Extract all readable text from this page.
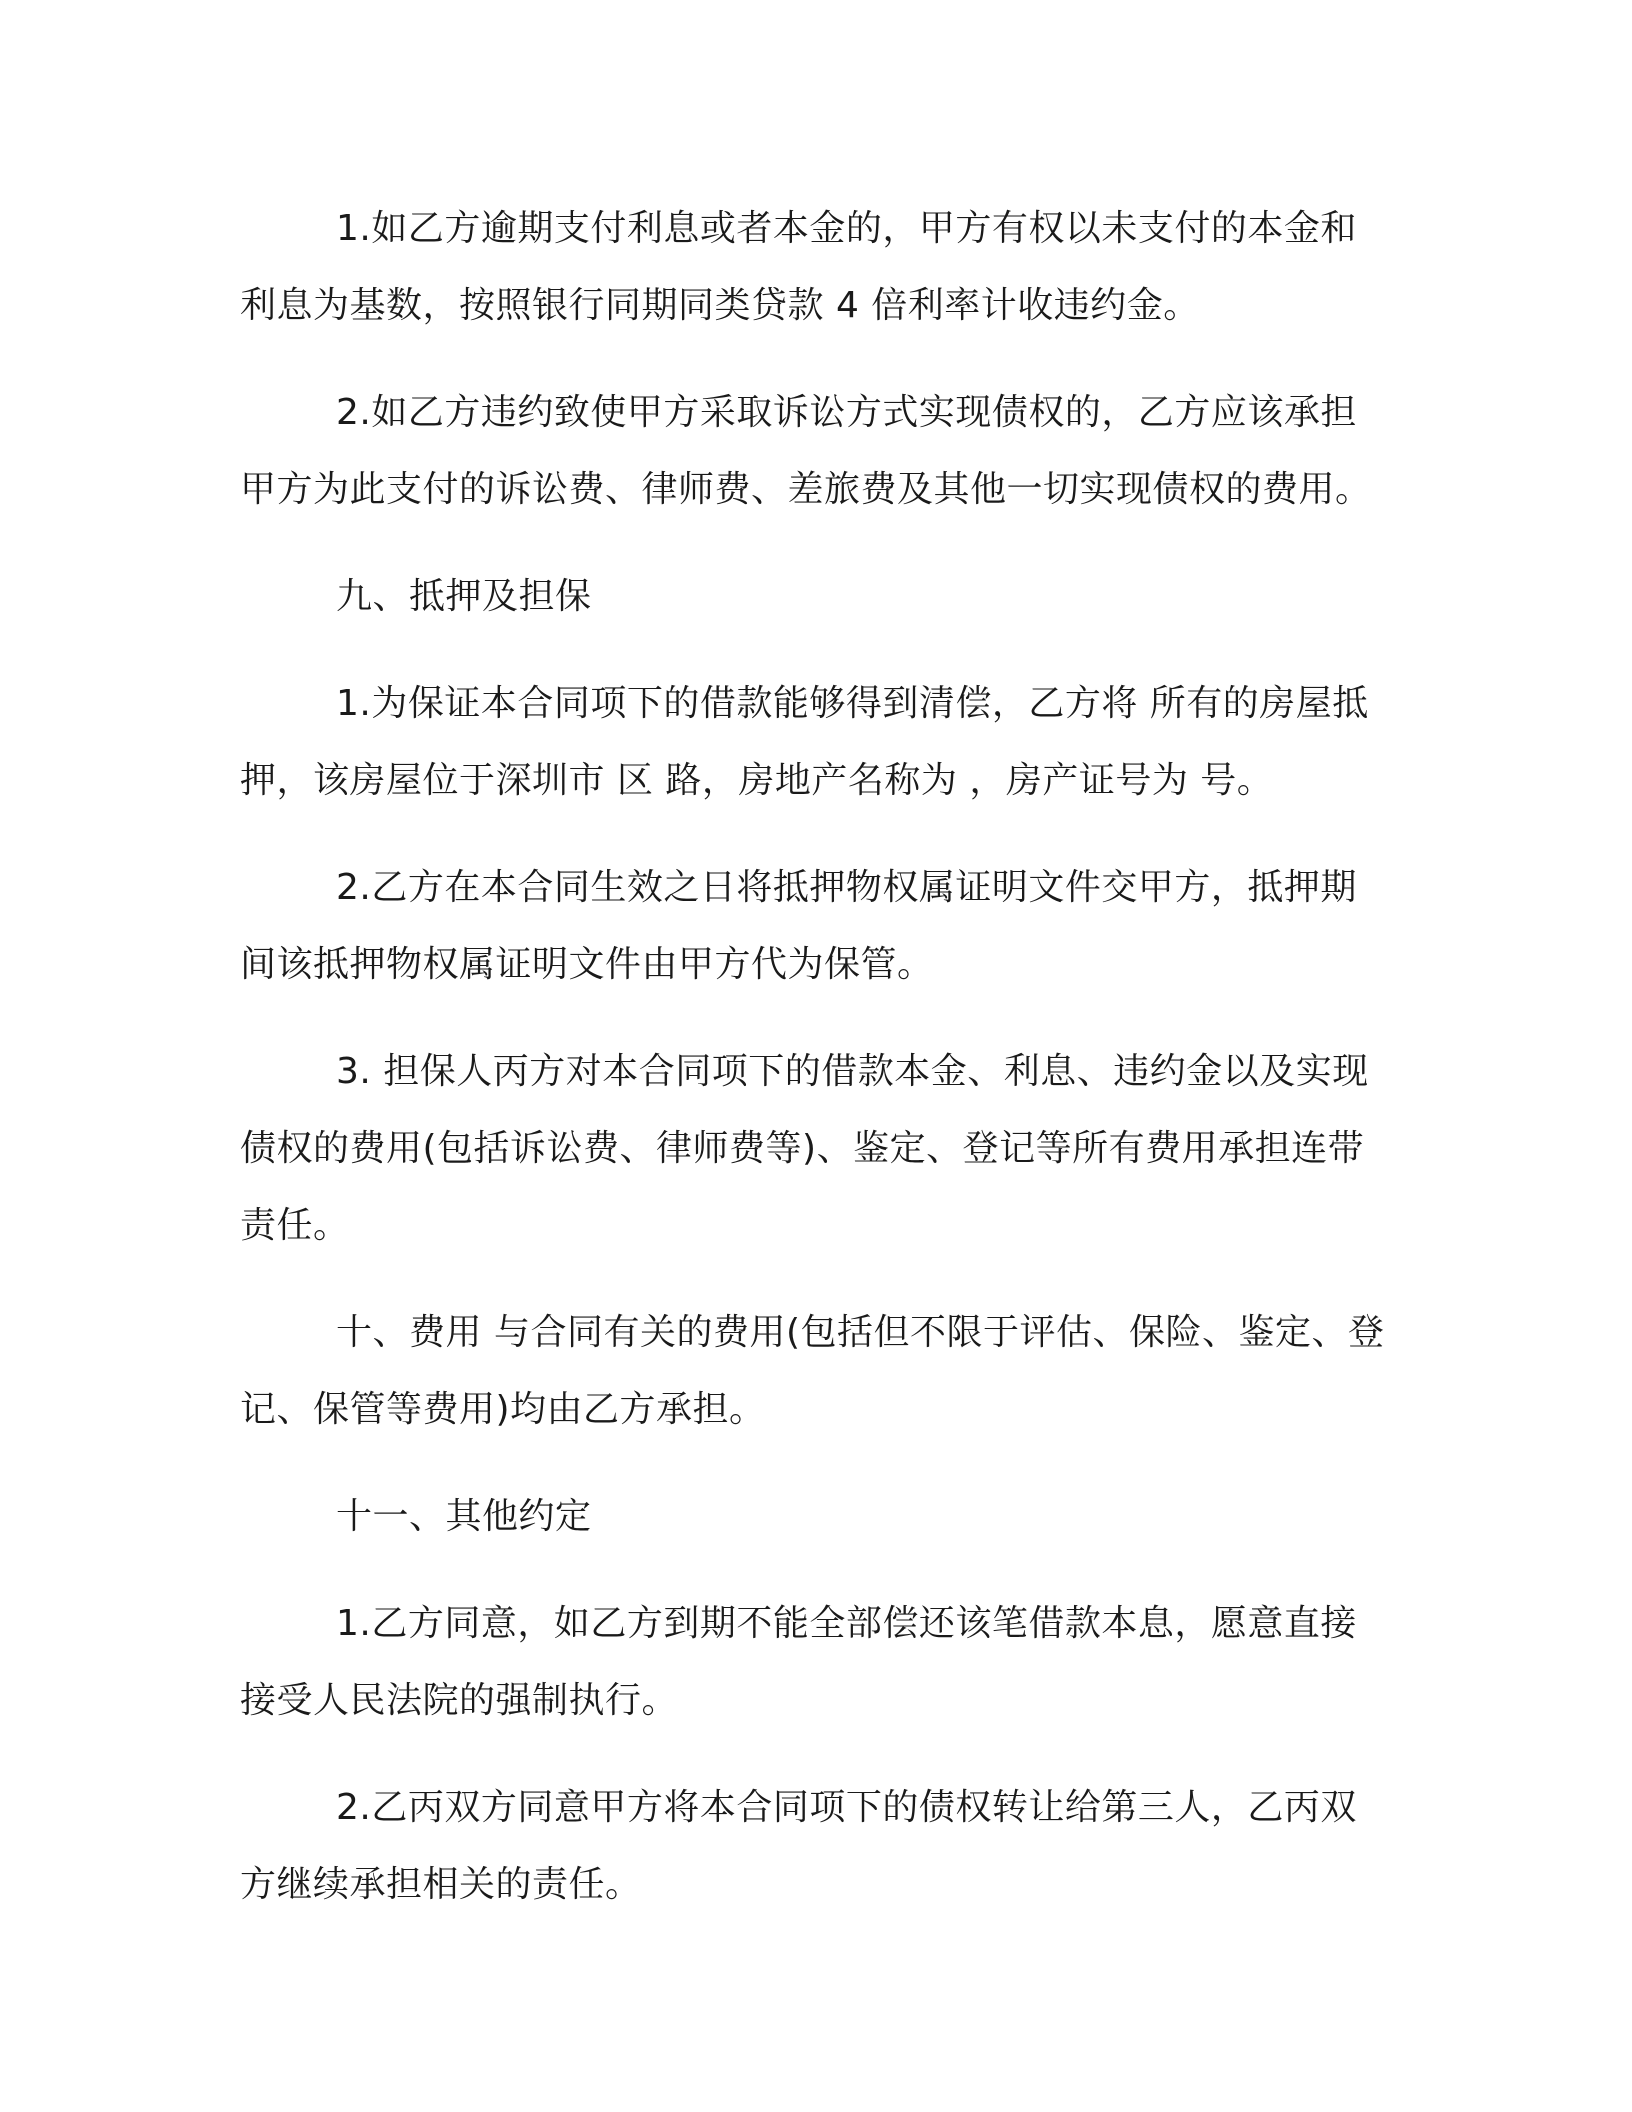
1.如乙方逾期支付利息或者本金的，甲方有权以未支付的本金和利息为基数，按照银行同期同类贷款 4 倍利率计收违约金。

2.如乙方违约致使甲方采取诉讼方式实现债权的，乙方应该承担甲方为此支付的诉讼费、律师费、差旅费及其他一切实现债权的费用。

九、抵押及担保

1.为保证本合同项下的借款能够得到清偿，乙方将 所有的房屋抵押，该房屋位于深圳市 区 路，房地产名称为 ，房产证号为 号。

2.乙方在本合同生效之日将抵押物权属证明文件交甲方，抵押期间该抵押物权属证明文件由甲方代为保管。

3. 担保人丙方对本合同项下的借款本金、利息、违约金以及实现债权的费用(包括诉讼费、律师费等)、鉴定、登记等所有费用承担连带责任。

十、费用 与合同有关的费用(包括但不限于评估、保险、鉴定、登记、保管等费用)均由乙方承担。

十一、其他约定

1.乙方同意，如乙方到期不能全部偿还该笔借款本息，愿意直接接受人民法院的强制执行。

2.乙丙双方同意甲方将本合同项下的债权转让给第三人，乙丙双方继续承担相关的责任。
